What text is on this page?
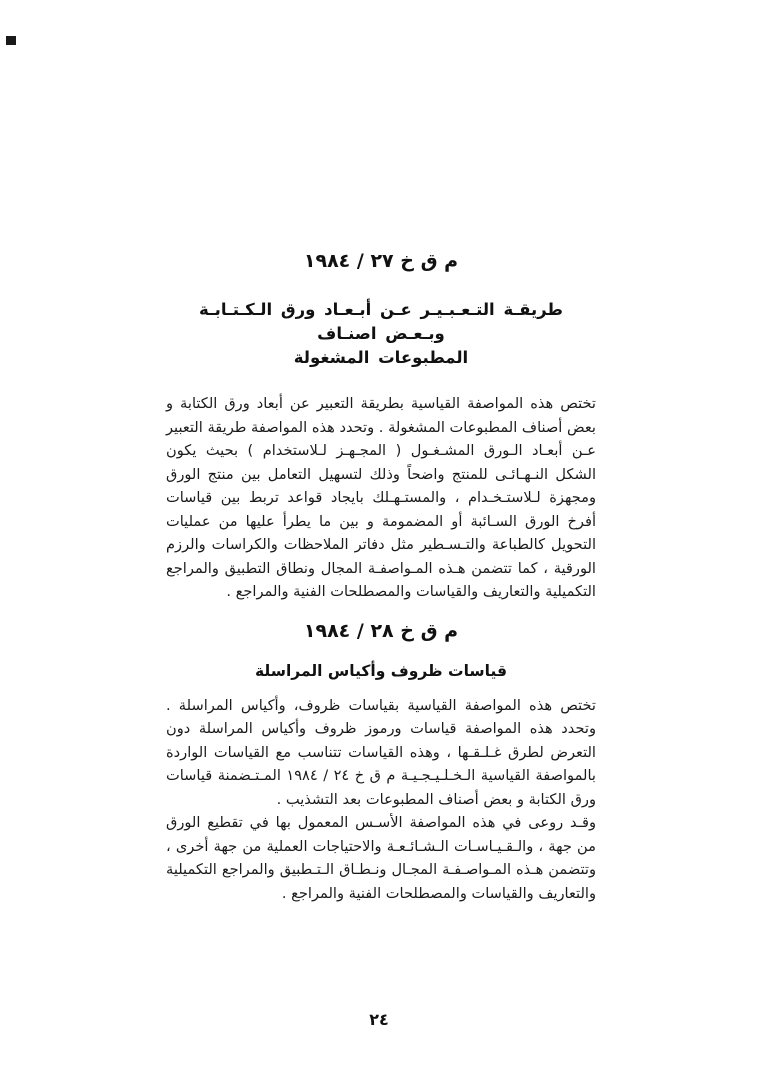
م ق خ ٢٧ / ١٩٨٤
طريقـة التـعـبـيـر عـن أبـعـاد ورق الـكـتـابـة وبـعـض اصنـاف
المطبوعات المشغولة

تختص هذه المواصفة القياسية بطريقة التعبير عن أبعاد ورق الكتابة و بعض أصناف المطبوعات المشغولة . وتحدد هذه المواصفة طريقة التعبير عـن أبعـاد الـورق المشـغـول ( المجـهـز لـلاستخدام ) بحيث يكون الشكل النـهـائـى للمنتج واضحاً وذلك لتسهيل التعامل بين منتج الورق ومجهزة لـلاستـخـدام ، والمستـهـلك بايجاد قواعد تربط بين قياسات أفرخ الورق السـائبة أو المضمومة و بين ما يطرأ عليها من عمليات التحويل كالطباعة والتـسـطير مثل دفاتر الملاحظات والكراسات والرزم الورقية ، كما تتضمن هـذه المـواصفـة المجال ونطاق التطبيق والمراجع التكميلية والتعاريف والقياسات والمصطلحات الفنية والمراجع .

م ق خ ٢٨ / ١٩٨٤
قياسات ظروف وأكياس المراسلة

تختص هذه المواصفة القياسية بقياسات ظروف، وأكياس المراسلة . وتحدد هذه المواصفة قياسات ورموز ظروف وأكياس المراسلة دون التعرض لطرق غـلـقـها ، وهذه القياسات تتناسب مع القياسات الواردة بالمواصفة القياسية الـخـلـيـجـيـة م ق خ ٢٤ / ١٩٨٤ المـتـضمنة قياسات ورق الكتابة و بعض أصناف المطبوعات بعد التشذيب .

وقـد روعى في هذه المواصفة الأسـس المعمول بها في تقطيع الورق من جهة ، والـقـيـاسـات الـشـائـعـة والاحتياجات العملية من جهة أخرى ، وتتضمن هـذه المـواصـفـة المجـال ونـطـاق الـتـطبيق والمراجع التكميلية والتعاريف والقياسات والمصطلحات الفنية والمراجع .

٢٤
